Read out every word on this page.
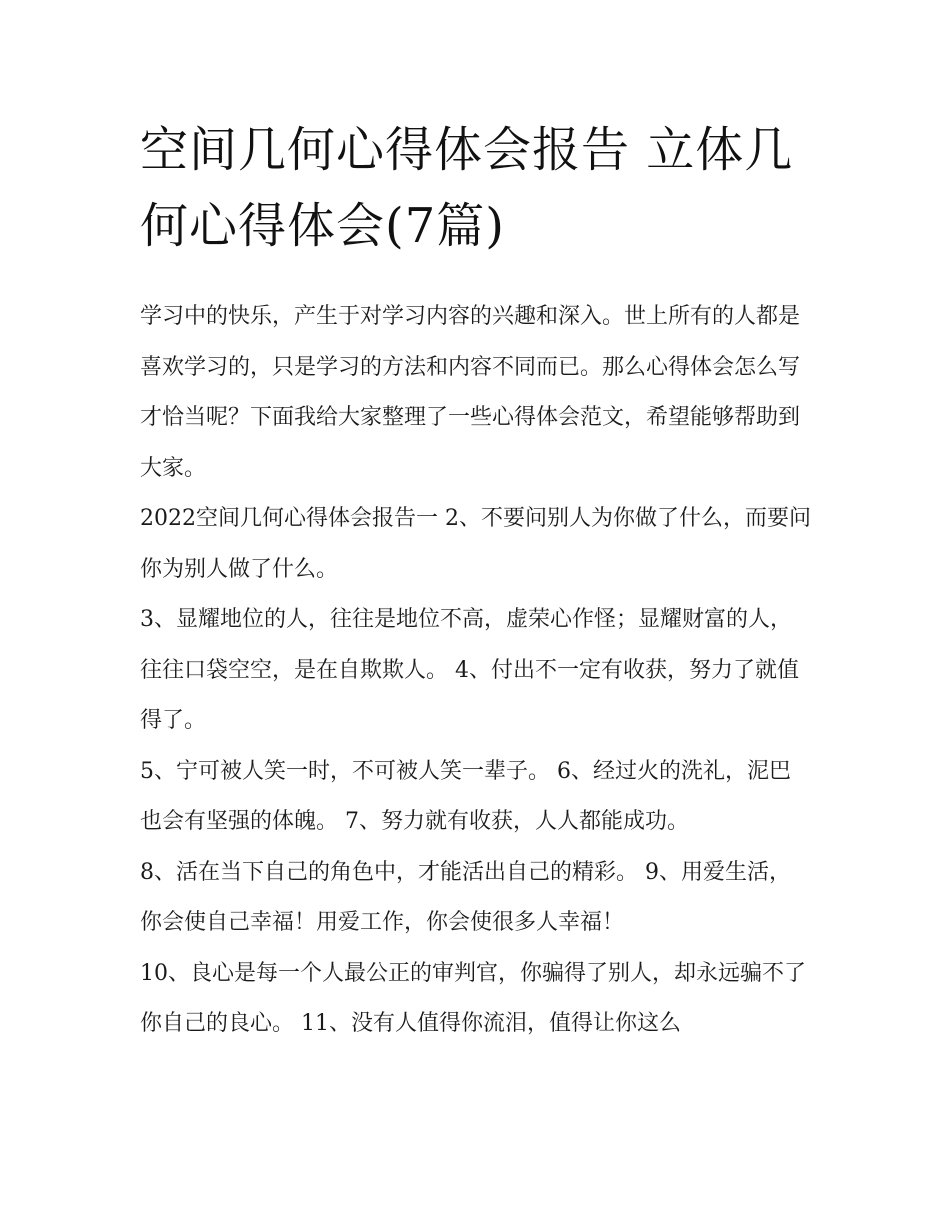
空间几何心得体会报告 立体几何心得体会(7篇)

学习中的快乐，产生于对学习内容的兴趣和深入。世上所有的人都是喜欢学习的，只是学习的方法和内容不同而已。那么心得体会怎么写才恰当呢？下面我给大家整理了一些心得体会范文，希望能够帮助到大家。

2022空间几何心得体会报告一 2、不要问别人为你做了什么，而要问你为别人做了什么。

3、显耀地位的人，往往是地位不高，虚荣心作怪；显耀财富的人，往往口袋空空，是在自欺欺人。 4、付出不一定有收获，努力了就值得了。

5、宁可被人笑一时，不可被人笑一辈子。 6、经过火的洗礼，泥巴也会有坚强的体魄。 7、努力就有收获，人人都能成功。

8、活在当下自己的角色中，才能活出自己的精彩。 9、用爱生活，你会使自己幸福！用爱工作，你会使很多人幸福！

10、良心是每一个人最公正的审判官，你骗得了别人，却永远骗不了你自己的良心。 11、没有人值得你流泪，值得让你这么
